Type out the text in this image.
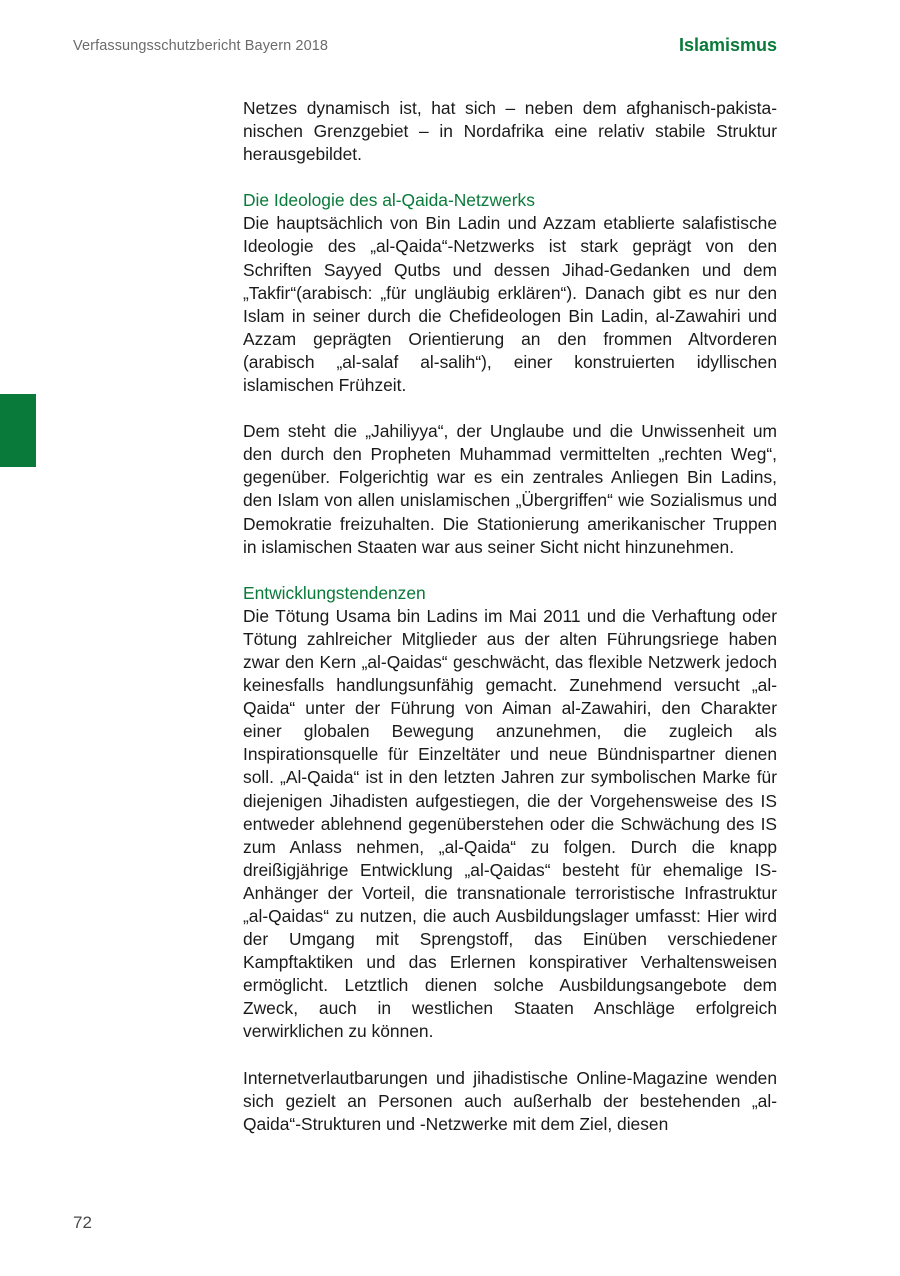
Verfassungsschutzbericht Bayern 2018	Islamismus

Netzes dynamisch ist, hat sich – neben dem afghanisch-pakistanischen Grenzgebiet – in Nordafrika eine relativ stabile Struktur herausgebildet.

Die Ideologie des al-Qaida-Netzwerks

Die hauptsächlich von Bin Ladin und Azzam etablierte salafistische Ideologie des „al-Qaida“-Netzwerks ist stark geprägt von den Schriften Sayyed Qutbs und dessen Jihad-Gedanken und dem „Takfir“(arabisch: „für ungläubig erklären“). Danach gibt es nur den Islam in seiner durch die Chefideologen Bin Ladin, al-Zawahiri und Azzam geprägten Orientierung an den frommen Altvorderen (arabisch „al-salaf al-salih“), einer konstruierten idyllischen islamischen Frühzeit.

Dem steht die „Jahiliyya“, der Unglaube und die Unwissenheit um den durch den Propheten Muhammad vermittelten „rechten Weg“, gegenüber. Folgerichtig war es ein zentrales Anliegen Bin Ladins, den Islam von allen unislamischen „Übergriffen“ wie Sozialismus und Demokratie freizuhalten. Die Stationierung amerikanischer Truppen in islamischen Staaten war aus seiner Sicht nicht hinzunehmen.

Entwicklungstendenzen

Die Tötung Usama bin Ladins im Mai 2011 und die Verhaftung oder Tötung zahlreicher Mitglieder aus der alten Führungsriege haben zwar den Kern „al-Qaidas“ geschwächt, das flexible Netzwerk jedoch keinesfalls handlungsunfähig gemacht. Zunehmend versucht „al-Qaida“ unter der Führung von Aiman al-Zawahiri, den Charakter einer globalen Bewegung anzunehmen, die zugleich als Inspirationsquelle für Einzeltäter und neue Bündnispartner dienen soll. „Al-Qaida“ ist in den letzten Jahren zur symbolischen Marke für diejenigen Jihadisten aufgestiegen, die der Vorgehensweise des IS entweder ablehnend gegenüberstehen oder die Schwächung des IS zum Anlass nehmen, „al-Qaida“ zu folgen. Durch die knapp dreißigjährige Entwicklung „al-Qaidas“ besteht für ehemalige IS-Anhänger der Vorteil, die transnationale terroristische Infrastruktur „al-Qaidas“ zu nutzen, die auch Ausbildungslager umfasst: Hier wird der Umgang mit Sprengstoff, das Einüben verschiedener Kampftaktiken und das Erlernen konspirativer Verhaltensweisen ermöglicht. Letztlich dienen solche Ausbildungsangebote dem Zweck, auch in westlichen Staaten Anschläge erfolgreich verwirklichen zu können.

Internetverlautbarungen und jihadistische Online-Magazine wenden sich gezielt an Personen auch außerhalb der bestehenden „al-Qaida“-Strukturen und -Netzwerke mit dem Ziel, diesen

72
